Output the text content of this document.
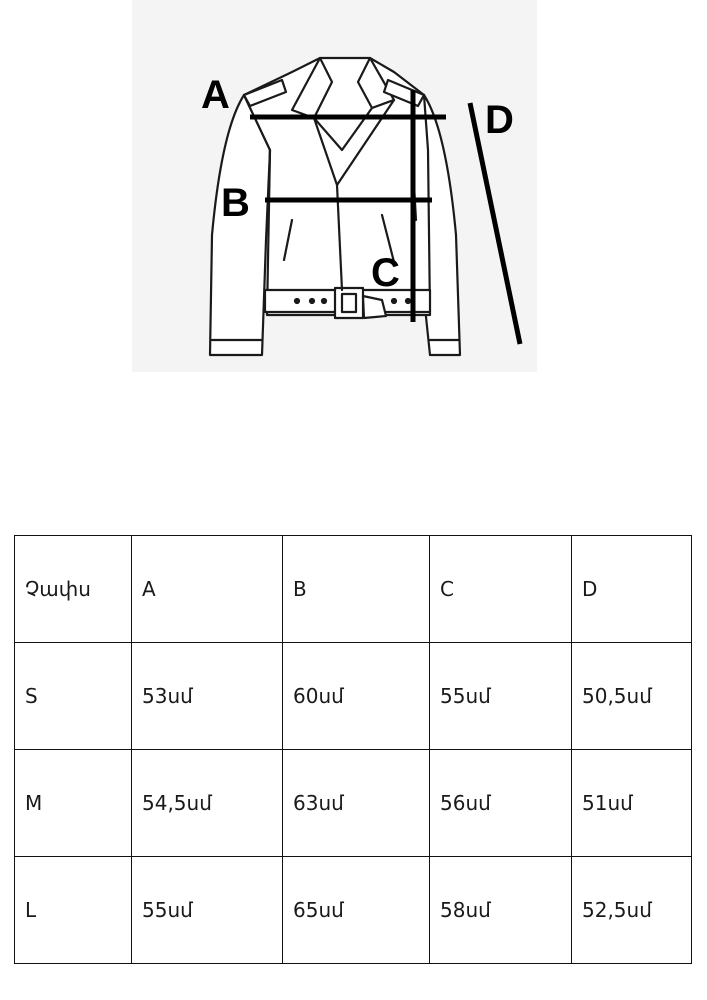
A
B
C
D
Չափս	A	B	C	D
S	53սմ	60սմ	55սմ	50,5սմ
M	54,5սմ	63սմ	56սմ	51սմ
L	55սմ	65սմ	58սմ	52,5սմ
